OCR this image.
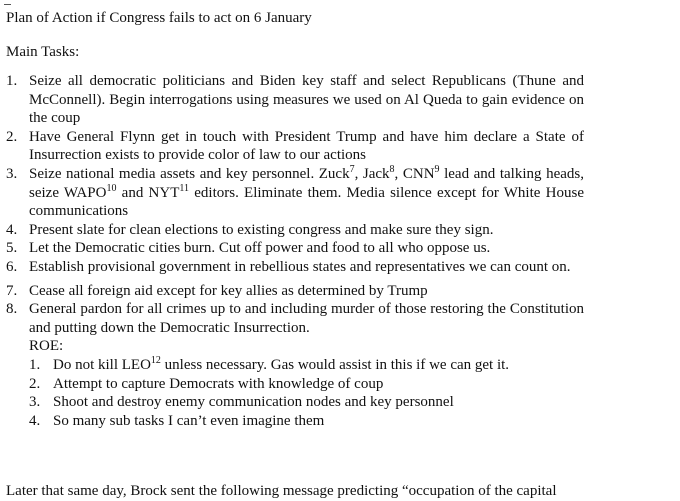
Plan of Action if Congress fails to act on 6 January
Main Tasks:
1. Seize all democratic politicians and Biden key staff and select Republicans (Thune and McConnell). Begin interrogations using measures we used on Al Queda to gain evidence on the coup
2. Have General Flynn get in touch with President Trump and have him declare a State of Insurrection exists to provide color of law to our actions
3. Seize national media assets and key personnel. Zuck$^7$, Jack$^8$, CNN$^9$ lead and talking heads, seize WAPO$^{10}$ and NYT$^{11}$ editors. Eliminate them. Media silence except for White House communications
4. Present slate for clean elections to existing congress and make sure they sign.
5. Let the Democratic cities burn. Cut off power and food to all who oppose us.
6. Establish provisional government in rebellious states and representatives we can count on.
7. Cease all foreign aid except for key allies as determined by Trump
8. General pardon for all crimes up to and including murder of those restoring the Constitution and putting down the Democratic Insurrection.
ROE:
1. Do not kill LEO$^{12}$ unless necessary. Gas would assist in this if we can get it.
2. Attempt to capture Democrats with knowledge of coup
3. Shoot and destroy enemy communication nodes and key personnel
4. So many sub tasks I can’t even imagine them
Later that same day, Brock sent the following message predicting “occupation of the capital
